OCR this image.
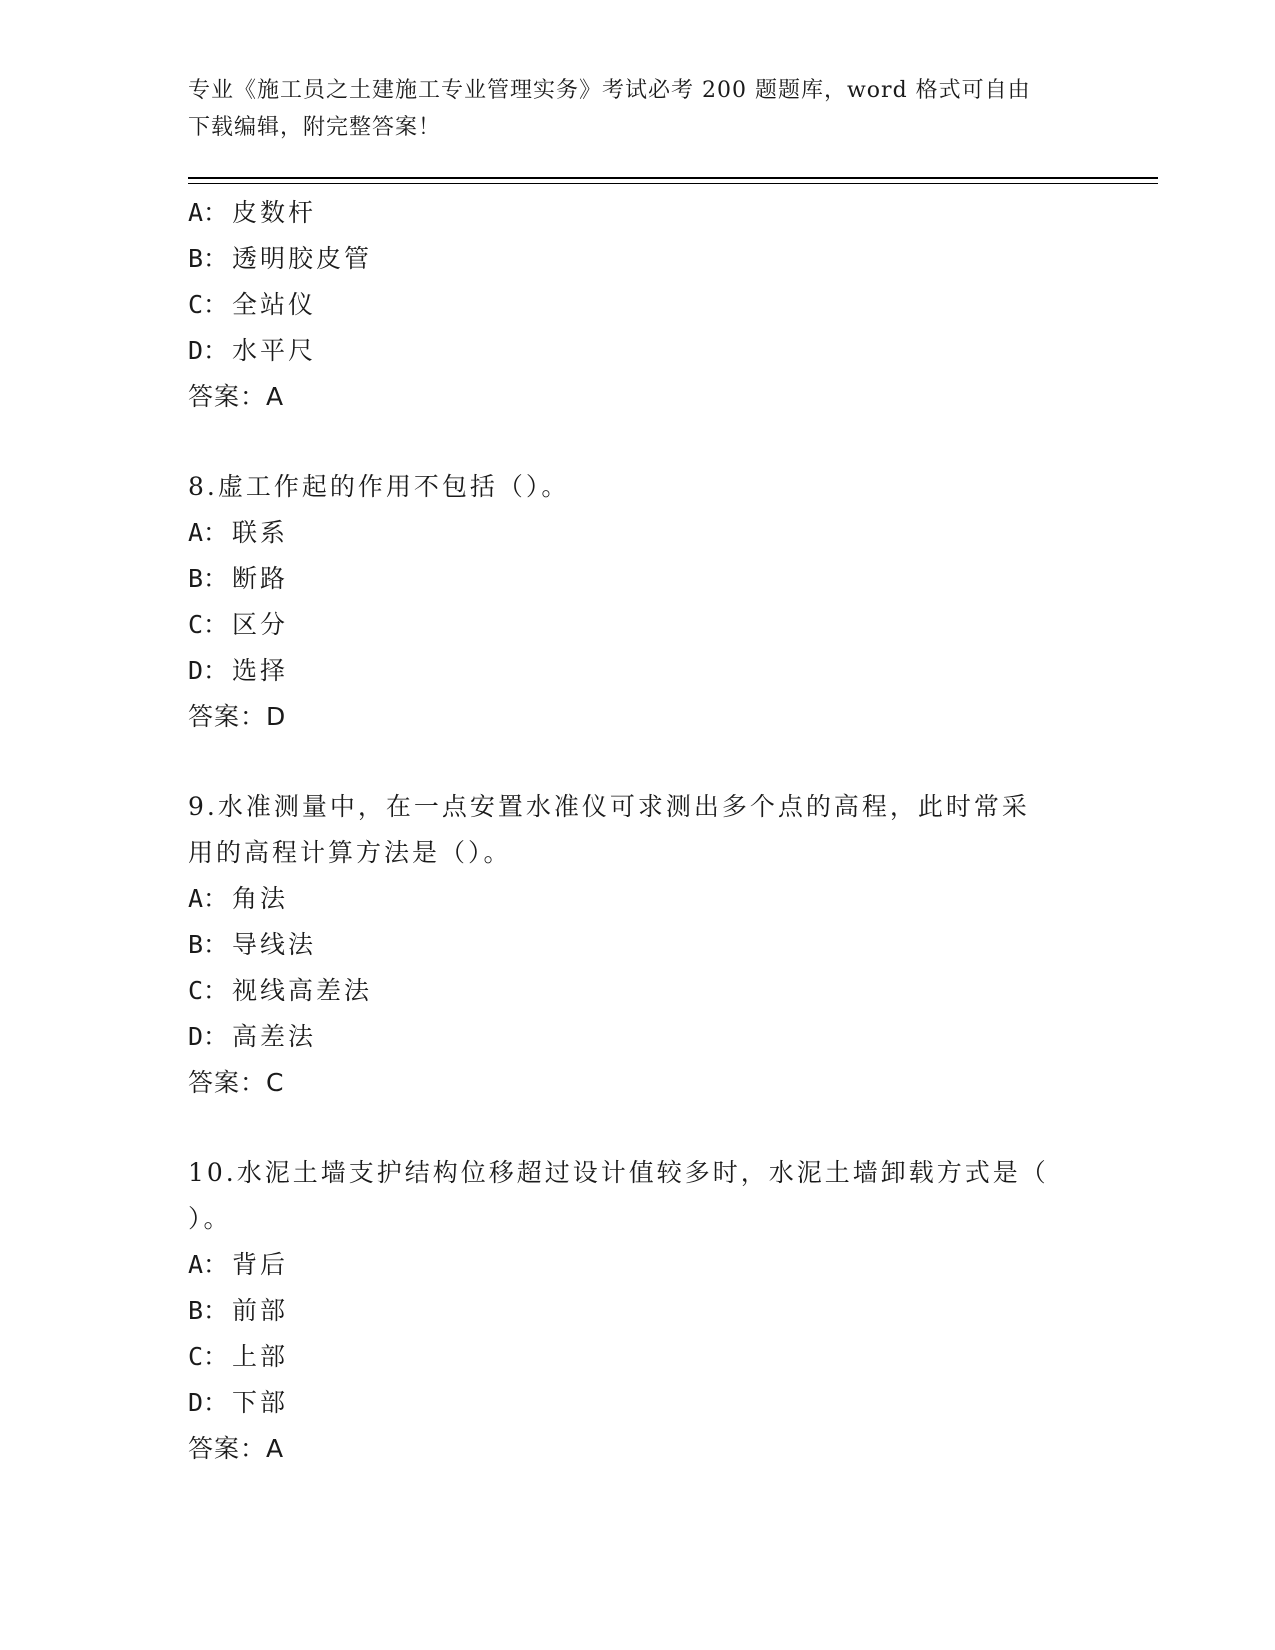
专业《施工员之土建施工专业管理实务》考试必考 200 题题库，word 格式可自由
下载编辑，附完整答案！
A： 皮数杆
B： 透明胶皮管
C： 全站仪
D： 水平尺
答案：A
8.虚工作起的作用不包括（）。
A： 联系
B： 断路
C： 区分
D： 选择
答案：D
9.水准测量中，在一点安置水准仪可求测出多个点的高程，此时常采
用的高程计算方法是（）。
A： 角法
B： 导线法
C： 视线高差法
D： 高差法
答案：C
10.水泥土墙支护结构位移超过设计值较多时，水泥土墙卸载方式是（
）。
A： 背后
B： 前部
C： 上部
D： 下部
答案：A
